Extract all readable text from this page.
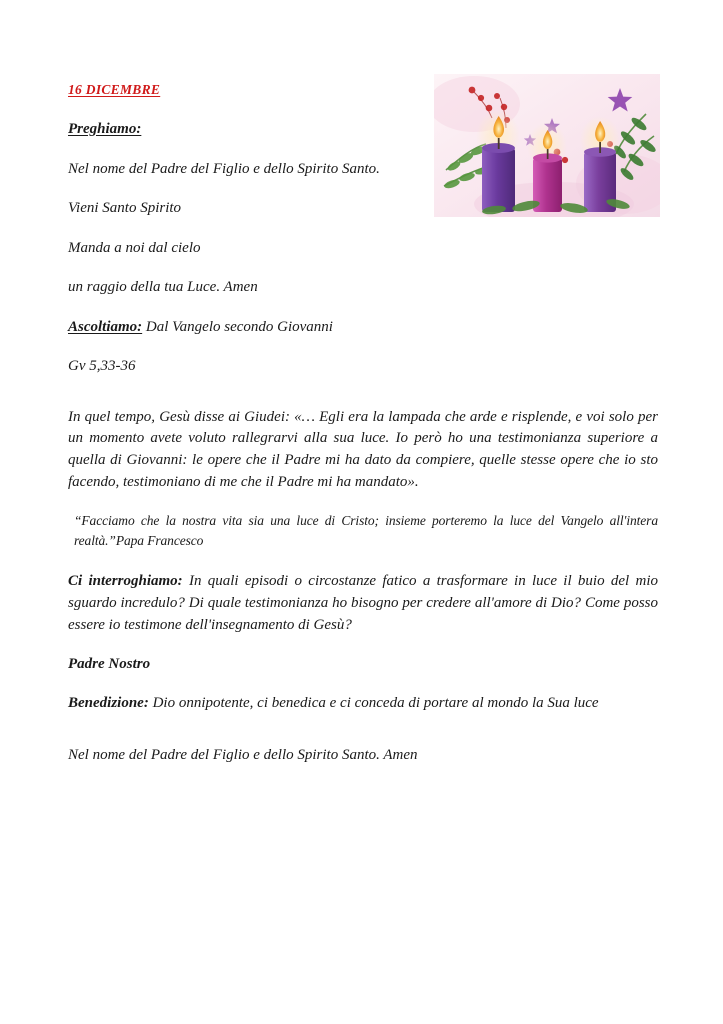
16 DICEMBRE

Preghiamo:

Nel nome del Padre del Figlio e dello Spirito Santo.

Vieni Santo Spirito

Manda a noi dal cielo

un raggio della tua Luce. Amen

Ascoltiamo: Dal Vangelo secondo Giovanni

Gv 5,33-36

In quel tempo, Gesù disse ai Giudei: «… Egli era la lampada che arde e risplende, e voi solo per un momento avete voluto rallegrarvi alla sua luce. Io però ho una testimonianza superiore a quella di Giovanni: le opere che il Padre mi ha dato da compiere, quelle stesse opere che io sto facendo, testimoniano di me che il Padre mi ha mandato».

“Facciamo che la nostra vita sia una luce di Cristo; insieme porteremo la luce del Vangelo all'intera realtà.”Papa Francesco

Ci interroghiamo: In quali episodi o circostanze fatico a trasformare in luce il buio del mio sguardo incredulo? Di quale testimonianza ho bisogno per credere all'amore di Dio? Come posso essere io testimone dell'insegnamento di Gesù?

Padre Nostro

Benedizione: Dio onnipotente, ci benedica e ci conceda di portare al mondo la Sua luce

Nel nome del Padre del Figlio e dello Spirito Santo. Amen
